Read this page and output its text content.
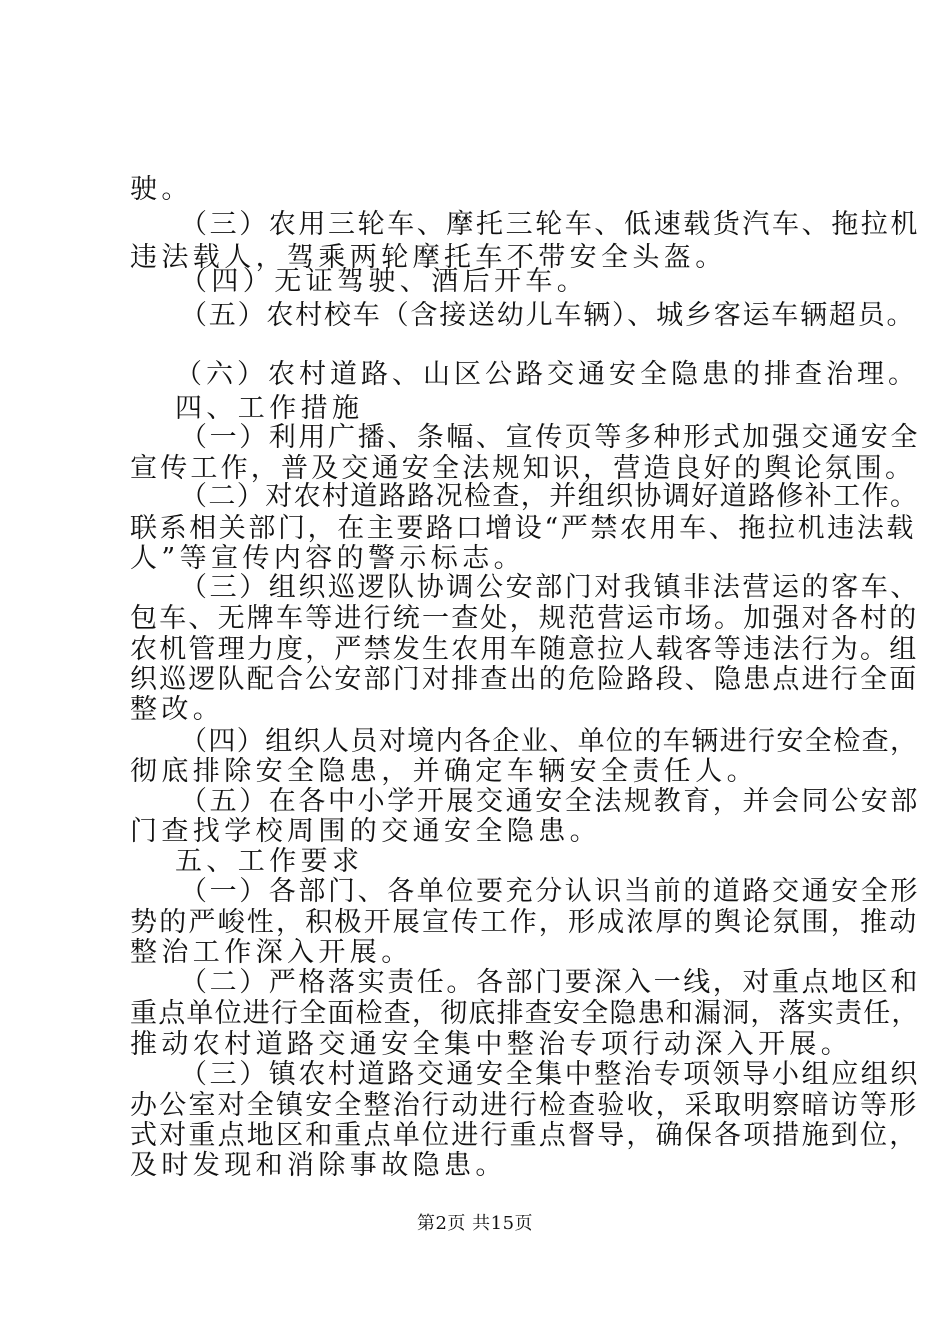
驶。

（三）农用三轮车、摩托三轮车、低速载货汽车、拖拉机

违法载人，驾乘两轮摩托车不带安全头盔。

（四）无证驾驶、酒后开车。

（五）农村校车（含接送幼儿车辆）、城乡客运车辆超员。

（六）农村道路、山区公路交通安全隐患的排查治理。

四、工作措施

（一）利用广播、条幅、宣传页等多种形式加强交通安全

宣传工作，普及交通安全法规知识，营造良好的舆论氛围。

（二）对农村道路路况检查，并组织协调好道路修补工作。

联系相关部门，在主要路口增设“严禁农用车、拖拉机违法载

人”等宣传内容的警示标志。

（三）组织巡逻队协调公安部门对我镇非法营运的客车、

包车、无牌车等进行统一查处，规范营运市场。加强对各村的

农机管理力度，严禁发生农用车随意拉人载客等违法行为。组

织巡逻队配合公安部门对排查出的危险路段、隐患点进行全面

整改。

（四）组织人员对境内各企业、单位的车辆进行安全检查，

彻底排除安全隐患，并确定车辆安全责任人。

（五）在各中小学开展交通安全法规教育，并会同公安部

门查找学校周围的交通安全隐患。

五、工作要求

（一）各部门、各单位要充分认识当前的道路交通安全形

势的严峻性，积极开展宣传工作，形成浓厚的舆论氛围，推动

整治工作深入开展。

（二）严格落实责任。各部门要深入一线，对重点地区和

重点单位进行全面检查，彻底排查安全隐患和漏洞，落实责任，

推动农村道路交通安全集中整治专项行动深入开展。

（三）镇农村道路交通安全集中整治专项领导小组应组织

办公室对全镇安全整治行动进行检查验收，采取明察暗访等形

式对重点地区和重点单位进行重点督导，确保各项措施到位，

及时发现和消除事故隐患。

第2页 共15页
